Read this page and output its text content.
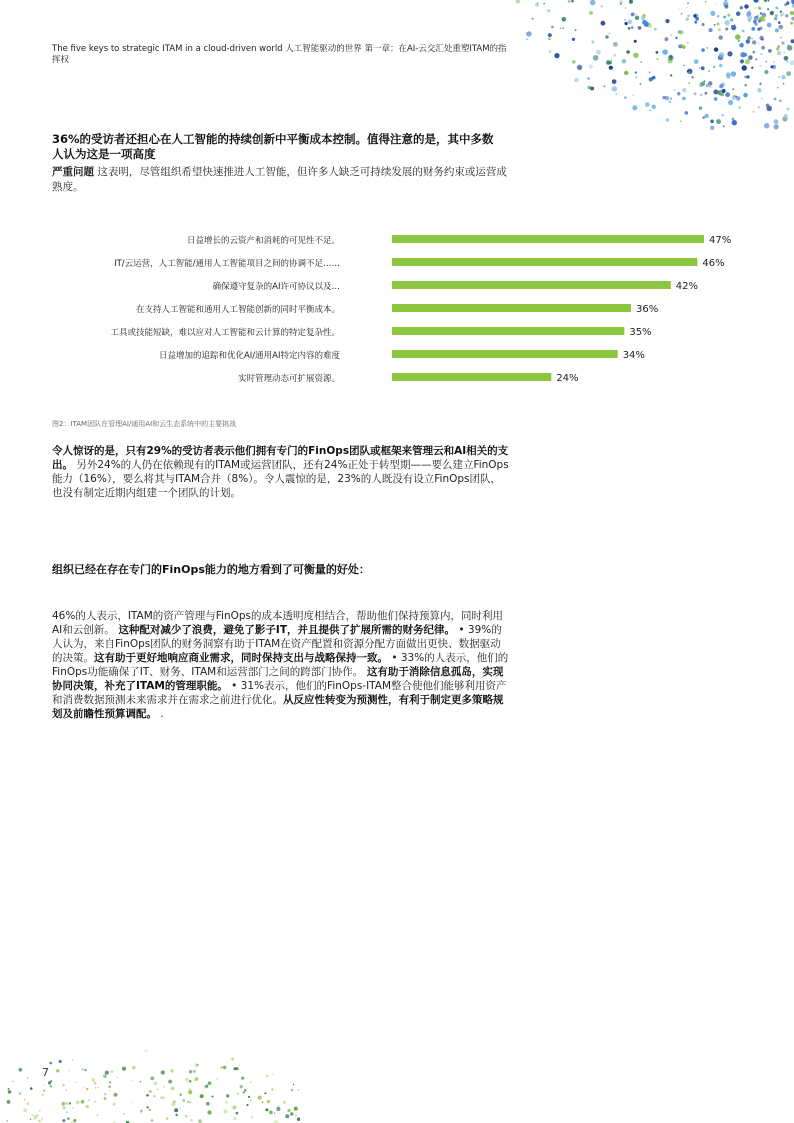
The five keys to strategic ITAM in a cloud-driven world 人工智能驱动的世界 第一章：在AI-云交汇处重塑ITAM的指挥权
36%的受访者还担心在人工智能的持续创新中平衡成本控制。值得注意的是，其中多数人认为这是一项高度
严重问题 这表明，尽管组织希望快速推进人工智能，但许多人缺乏可持续发展的财务约束或运营成熟度。
日益增长的云资产和消耗的可见性不足。	47%
IT/云运营，人工智能/通用人工智能项目之间的协调不足……	46%
确保遵守复杂的AI许可协议以及…	42%
在支持人工智能和通用人工智能创新的同时平衡成本。	36%
工具或技能短缺，难以应对人工智能和云计算的特定复杂性。	35%
日益增加的追踪和优化AI/通用AI特定内容的难度	34%
实时管理动态可扩展资源。	24%
图2：ITAM团队在管理AI/通用AI和云生态系统中的主要挑战
令人惊讶的是，只有29%的受访者表示他们拥有专门的FinOps团队或框架来管理云和AI相关的支出。 另外24%的人仍在依赖现有的ITAM或运营团队，还有24%正处于转型期——要么建立FinOps能力（16%），要么将其与ITAM合并（8%）。令人震惊的是，23%的人既没有设立FinOps团队，也没有制定近期内组建一个团队的计划。
组织已经在存在专门的FinOps能力的地方看到了可衡量的好处：
46%的人表示，ITAM的资产管理与FinOps的成本透明度相结合，帮助他们保持预算内，同时利用AI和云创新。 这种配对减少了浪费，避免了影子IT，并且提供了扩展所需的财务纪律。 • 39%的人认为，来自FinOps团队的财务洞察有助于ITAM在资产配置和资源分配方面做出更快、数据驱动的决策。这有助于更好地响应商业需求，同时保持支出与战略保持一致。 • 33%的人表示，他们的FinOps功能确保了IT、财务、ITAM和运营部门之间的跨部门协作。 这有助于消除信息孤岛，实现协同决策，补充了ITAM的管理职能。 • 31%表示，他们的FinOps-ITAM整合使他们能够利用资产和消费数据预测未来需求并在需求之前进行优化。从反应性转变为预测性，有利于制定更多策略规划及前瞻性预算调配。 .
7
